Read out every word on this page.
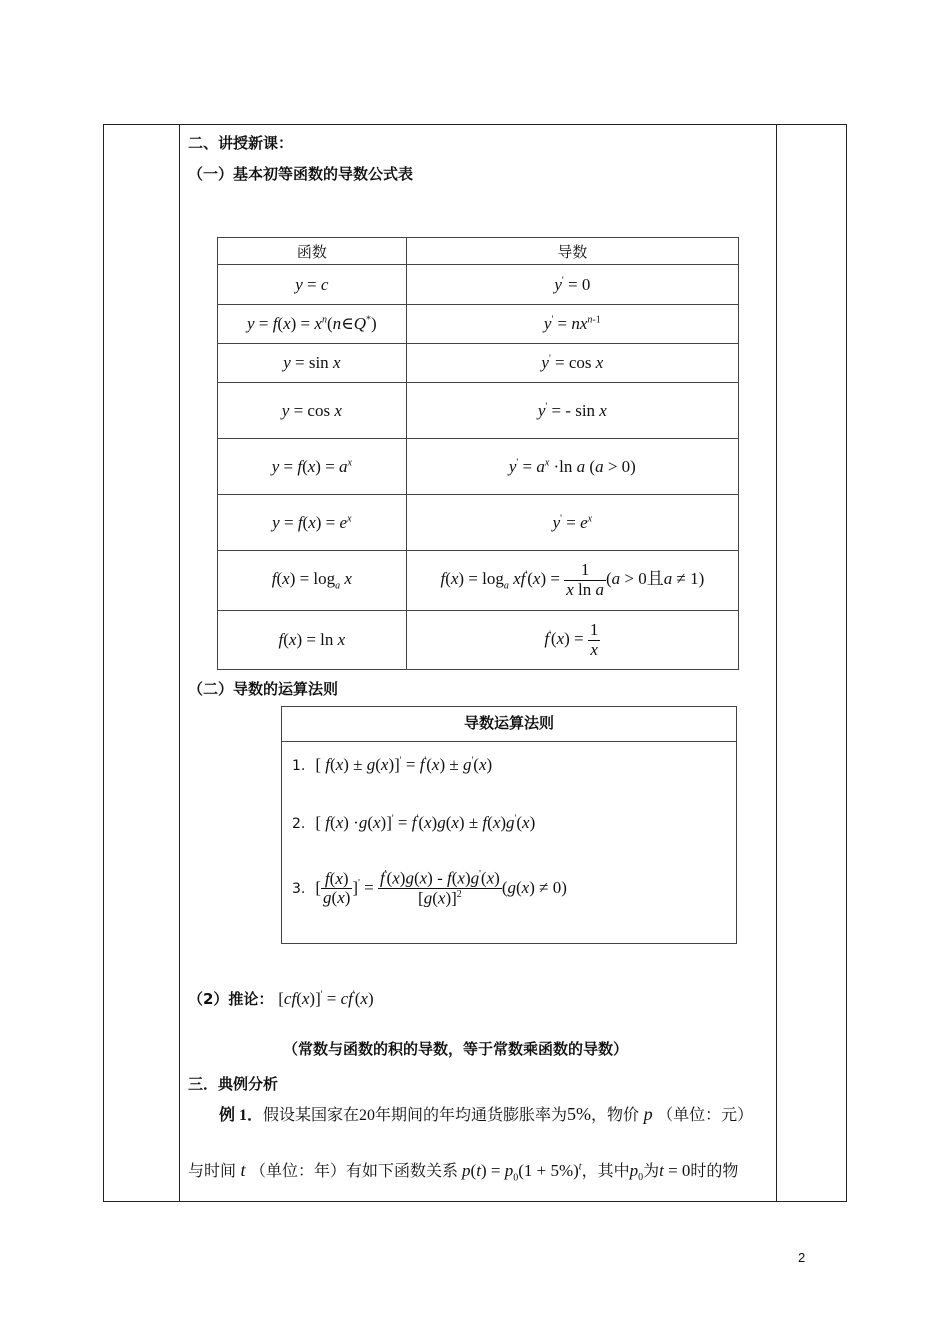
二、讲授新课：
（一）基本初等函数的导数公式表
函数	导数
y = c	y' = 0
$y = f(x) = x^n(n\in Q^*)$	$y' = nx^{n-1}$
y = sin x	y' = cos x
y = cos x	y' = - sin x
$y = f(x) = a^x$	$y' = a^x \cdot\ln$ a (a > 0)
$y = f(x) = e^x$	$y' = e^x$
$f(x) = \log_a x$	$f(x) = \log_a xf'(x) = \frac{1}{\text{x ln a}} (a > 0$且a ≠ 1)
f(x) = ln x	$f'(x) = \frac{1}{x}$
（二）导数的运算法则
导数运算法则
1. [ f(x) ± g(x)]' = f'(x) ± g'(x)
2. [ f(x) ·g(x)]' = f'(x)g(x) ± f(x)g'(x)
3. [ $\frac{f(x)}{g(x)} ]' = \frac{f'(x)g(x) - f(x)g'(x)}{[g(x)]^2} (g(x) \ne 0)$
（2）推论： [cf(x)]' = cf'(x)
（常数与函数的积的导数，等于常数乘函数的导数）
三．典例分析
例 1．假设某国家在20年期间的年均通货膨胀率为5%，物价 p （单位：元）
与时间 t （单位：年）有如下函数关系 $p(t) = p_0(1 + 5\%)^t$，其中$p_0$为t = 0时的物
2
